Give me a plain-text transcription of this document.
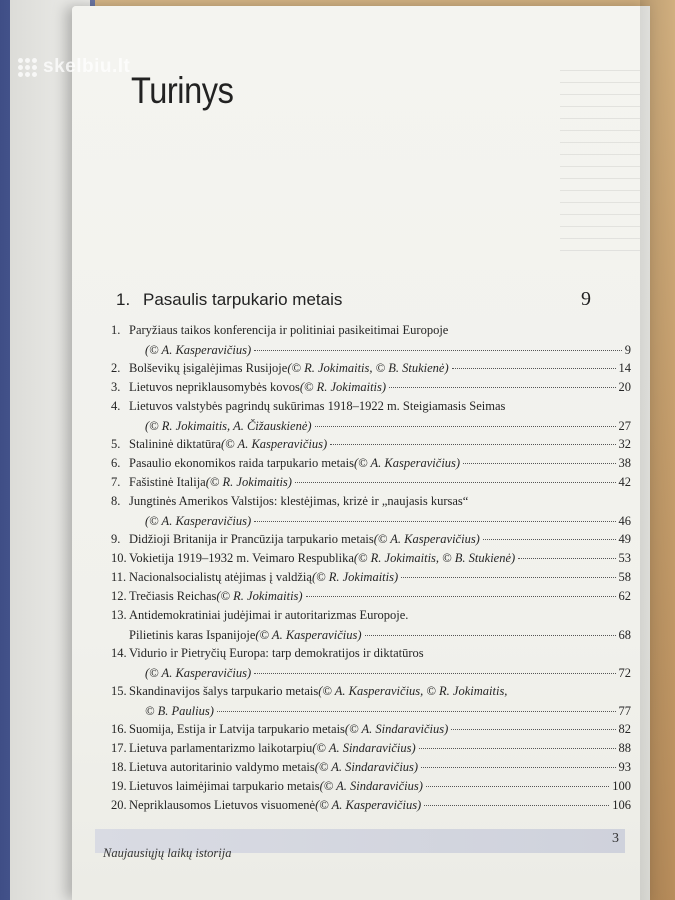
skelbiu.lt
Turinys
1. Pasaulis tarpukario metais	9
1. Paryžiaus taikos konferencija ir politiniai pasikeitimai Europoje
(© A. Kasperavičius)	9
2. Bolševikų įsigalėjimas Rusijoje (© R. Jokimaitis, © B. Stukienė)	14
3. Lietuvos nepriklausomybės kovos (© R. Jokimaitis)	20
4. Lietuvos valstybės pagrindų sukūrimas 1918–1922 m. Steigiamasis Seimas
(© R. Jokimaitis, A. Čižauskienė)	27
5. Stalininė diktatūra (© A. Kasperavičius)	32
6. Pasaulio ekonomikos raida tarpukario metais (© A. Kasperavičius)	38
7. Fašistinė Italija (© R. Jokimaitis)	42
8. Jungtinės Amerikos Valstijos: klestėjimas, krizė ir „naujasis kursas“
(© A. Kasperavičius)	46
9. Didžioji Britanija ir Prancūzija tarpukario metais (© A. Kasperavičius)	49
10. Vokietija 1919–1932 m. Veimaro Respublika (© R. Jokimaitis, © B. Stukienė)	53
11. Nacionalsocialistų atėjimas į valdžią (© R. Jokimaitis)	58
12. Trečiasis Reichas (© R. Jokimaitis)	62
13. Antidemokratiniai judėjimai ir autoritarizmas Europoje.
Pilietinis karas Ispanijoje (© A. Kasperavičius)	68
14. Vidurio ir Pietryčių Europa: tarp demokratijos ir diktatūros
(© A. Kasperavičius)	72
15. Skandinavijos šalys tarpukario metais (© A. Kasperavičius, © R. Jokimaitis,
© B. Paulius)	77
16. Suomija, Estija ir Latvija tarpukario metais (© A. Sindaravičius)	82
17. Lietuva parlamentarizmo laikotarpiu (© A. Sindaravičius)	88
18. Lietuva autoritarinio valdymo metais (© A. Sindaravičius)	93
19. Lietuvos laimėjimai tarpukario metais (© A. Sindaravičius)	100
20. Nepriklausomos Lietuvos visuomenė (© A. Kasperavičius)	106
Naujausiųjų laikų istorija
3
